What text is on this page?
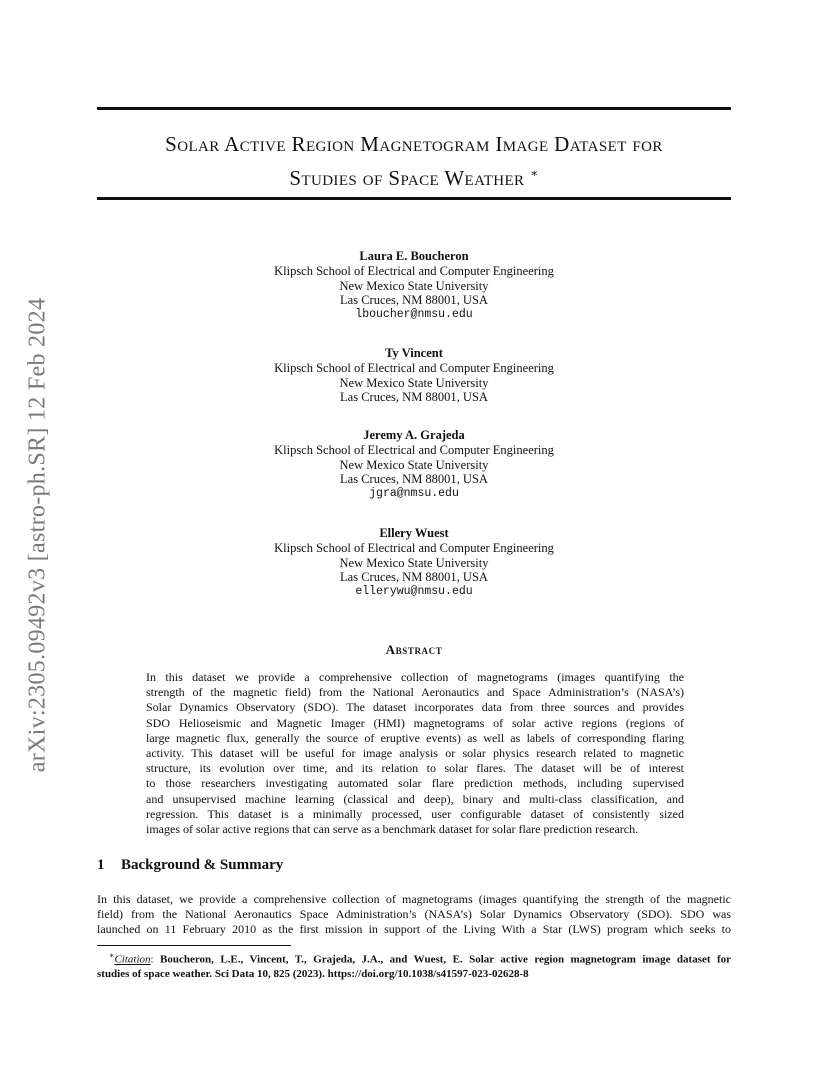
arXiv:2305.09492v3 [astro-ph.SR] 12 Feb 2024
Solar Active Region Magnetogram Image Dataset for
Studies of Space Weather ∗
Laura E. Boucheron
Klipsch School of Electrical and Computer Engineering
New Mexico State University
Las Cruces, NM 88001, USA
lboucher@nmsu.edu
Ty Vincent
Klipsch School of Electrical and Computer Engineering
New Mexico State University
Las Cruces, NM 88001, USA
Jeremy A. Grajeda
Klipsch School of Electrical and Computer Engineering
New Mexico State University
Las Cruces, NM 88001, USA
jgra@nmsu.edu
Ellery Wuest
Klipsch School of Electrical and Computer Engineering
New Mexico State University
Las Cruces, NM 88001, USA
ellerywu@nmsu.edu
Abstract
In this dataset we provide a comprehensive collection of magnetograms (images quantifying the
strength of the magnetic field) from the National Aeronautics and Space Administration’s (NASA’s)
Solar Dynamics Observatory (SDO). The dataset incorporates data from three sources and provides
SDO Helioseismic and Magnetic Imager (HMI) magnetograms of solar active regions (regions of
large magnetic flux, generally the source of eruptive events) as well as labels of corresponding flaring
activity. This dataset will be useful for image analysis or solar physics research related to magnetic
structure, its evolution over time, and its relation to solar flares. The dataset will be of interest
to those researchers investigating automated solar flare prediction methods, including supervised
and unsupervised machine learning (classical and deep), binary and multi-class classification, and
regression. This dataset is a minimally processed, user configurable dataset of consistently sized
images of solar active regions that can serve as a benchmark dataset for solar flare prediction research.
1 Background & Summary
In this dataset, we provide a comprehensive collection of magnetograms (images quantifying the strength of the magnetic
field) from the National Aeronautics Space Administration’s (NASA’s) Solar Dynamics Observatory (SDO). SDO was
launched on 11 February 2010 as the first mission in support of the Living With a Star (LWS) program which seeks to
∗Citation: Boucheron, L.E., Vincent, T., Grajeda, J.A., and Wuest, E. Solar active region magnetogram image dataset for
studies of space weather. Sci Data 10, 825 (2023). https://doi.org/10.1038/s41597-023-02628-8
